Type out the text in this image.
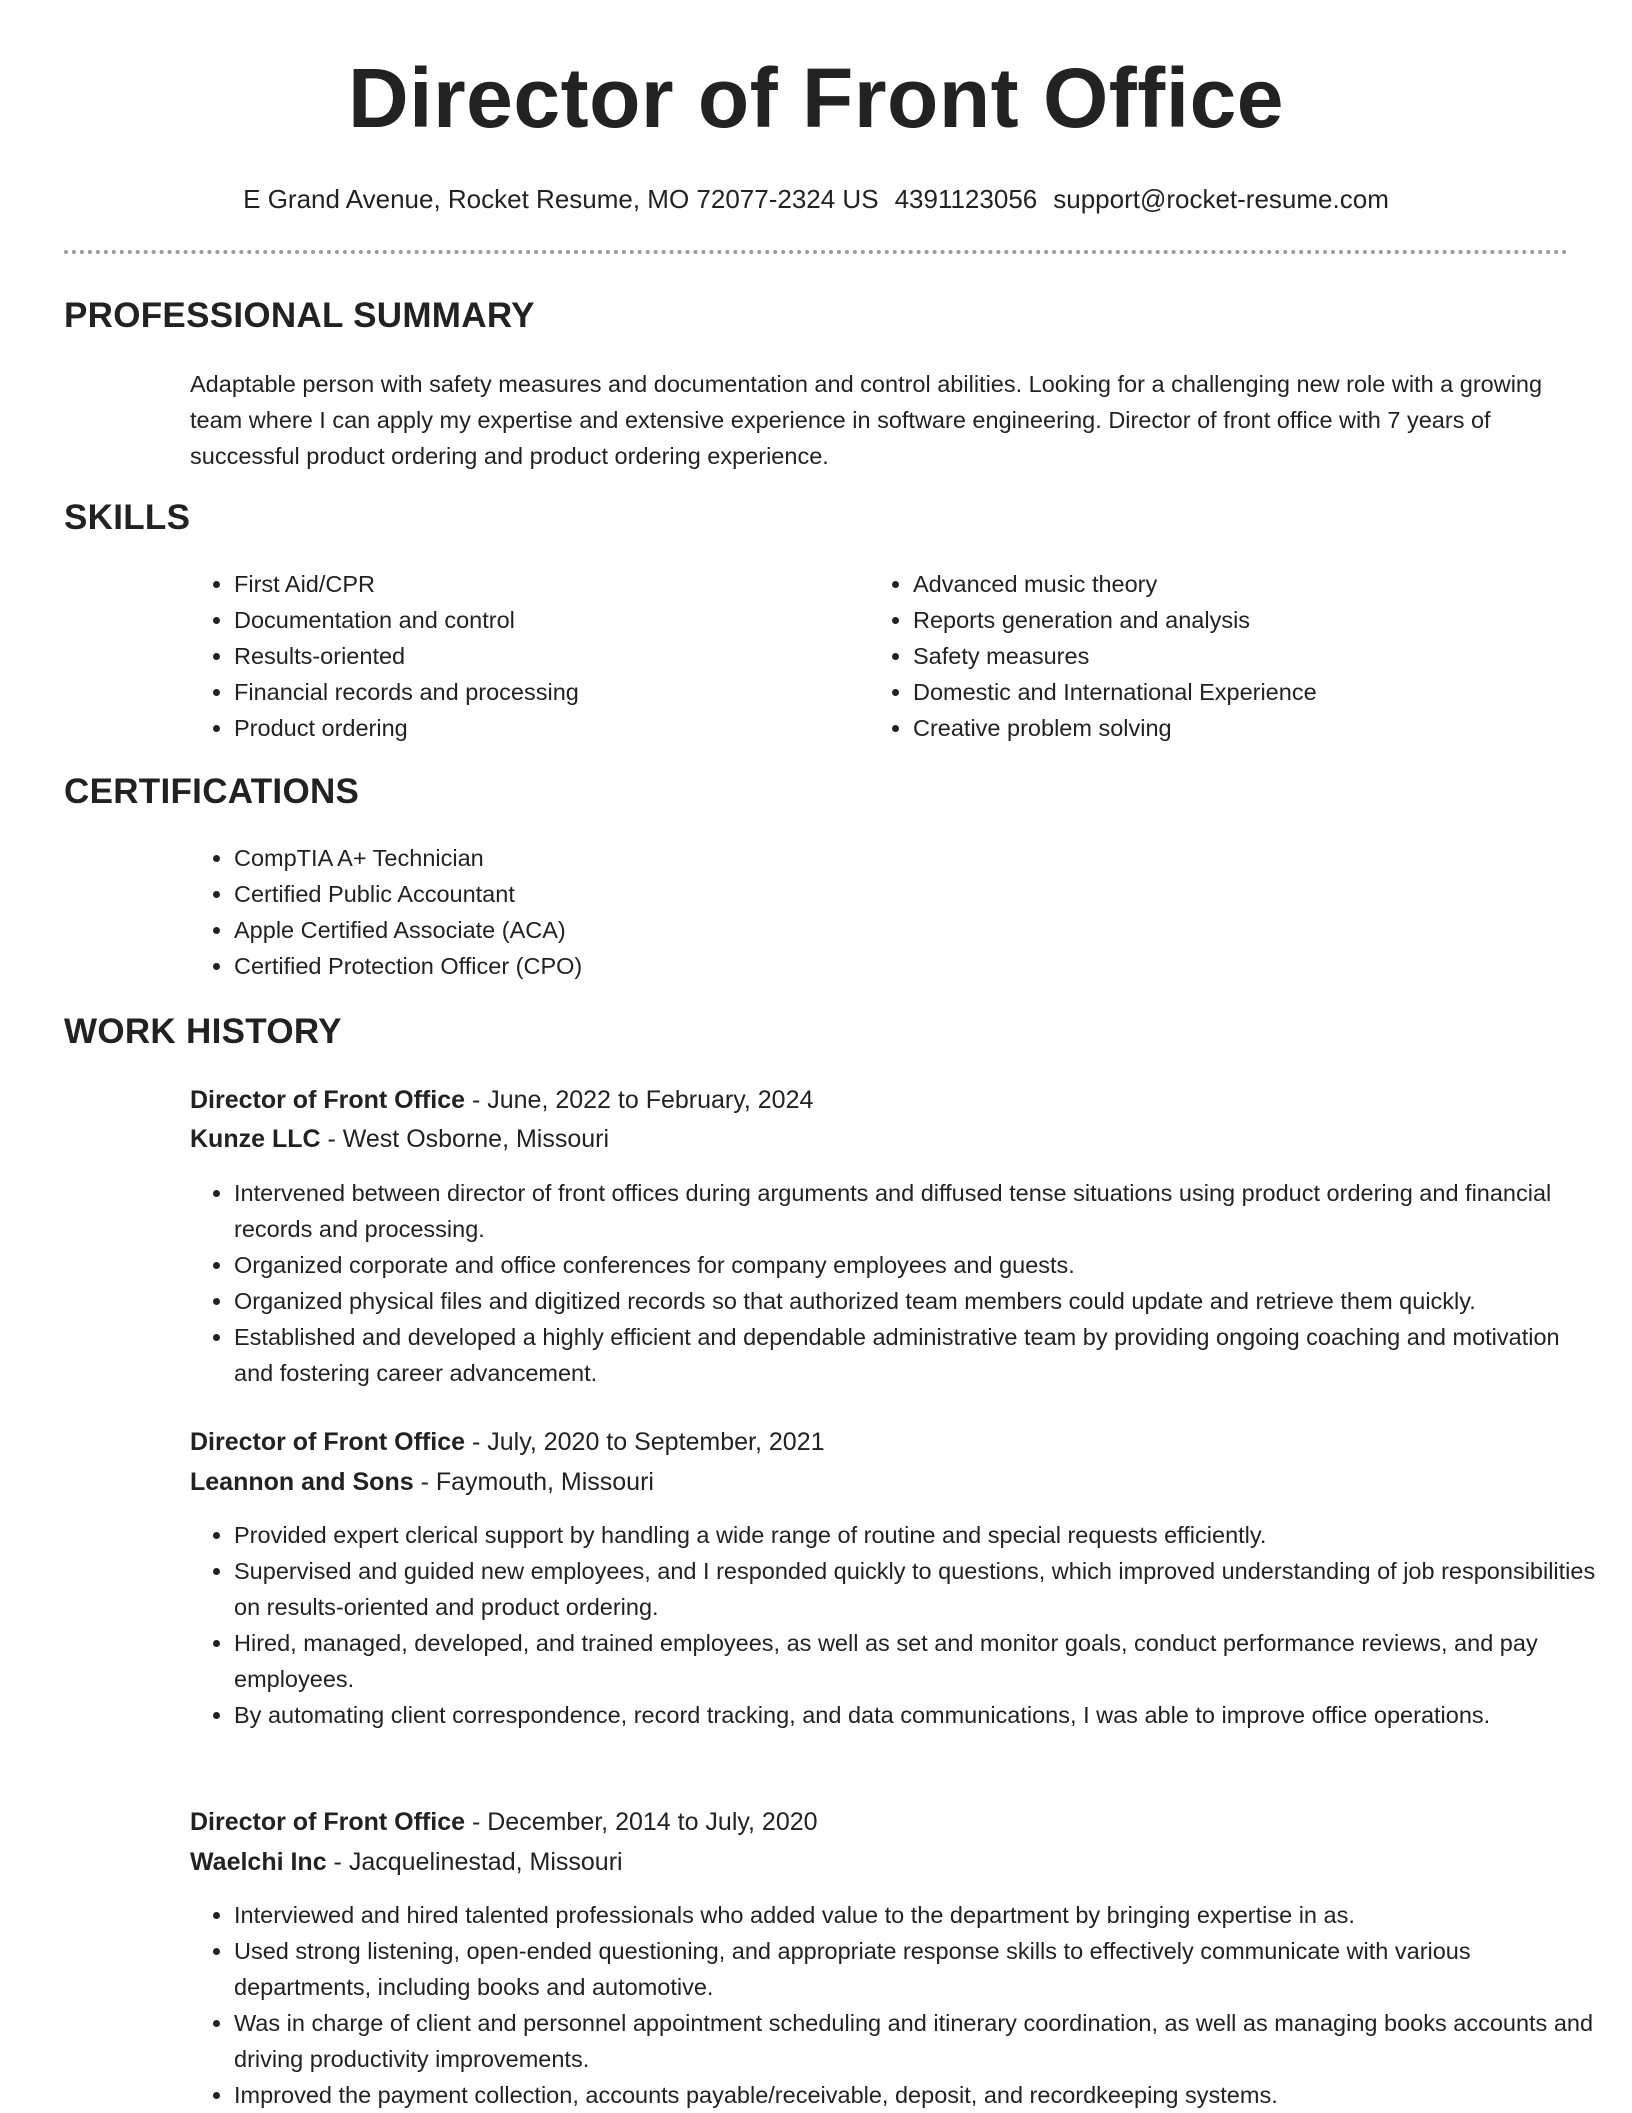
Director of Front Office
E Grand Avenue, Rocket Resume, MO 72077-2324 US 4391123056 support@rocket-resume.com
PROFESSIONAL SUMMARY

Adaptable person with safety measures and documentation and control abilities. Looking for a challenging new role with a growing team where I can apply my expertise and extensive experience in software engineering. Director of front office with 7 years of successful product ordering and product ordering experience.

SKILLS
• First Aid/CPR
• Documentation and control
• Results-oriented
• Financial records and processing
• Product ordering
• Advanced music theory
• Reports generation and analysis
• Safety measures
• Domestic and International Experience
• Creative problem solving
CERTIFICATIONS
• CompTIA A+ Technician
• Certified Public Accountant
• Apple Certified Associate (ACA)
• Certified Protection Officer (CPO)
WORK HISTORY
Director of Front Office - June, 2022 to February, 2024
Kunze LLC - West Osborne, Missouri
• Intervened between director of front offices during arguments and diffused tense situations using product ordering and financial records and processing.
• Organized corporate and office conferences for company employees and guests.
• Organized physical files and digitized records so that authorized team members could update and retrieve them quickly.
• Established and developed a highly efficient and dependable administrative team by providing ongoing coaching and motivation and fostering career advancement.
Director of Front Office - July, 2020 to September, 2021
Leannon and Sons - Faymouth, Missouri
• Provided expert clerical support by handling a wide range of routine and special requests efficiently.
• Supervised and guided new employees, and I responded quickly to questions, which improved understanding of job responsibilities on results-oriented and product ordering.
• Hired, managed, developed, and trained employees, as well as set and monitor goals, conduct performance reviews, and pay employees.
• By automating client correspondence, record tracking, and data communications, I was able to improve office operations.
Director of Front Office - December, 2014 to July, 2020
Waelchi Inc - Jacquelinestad, Missouri
• Interviewed and hired talented professionals who added value to the department by bringing expertise in as.
• Used strong listening, open-ended questioning, and appropriate response skills to effectively communicate with various departments, including books and automotive.
• Was in charge of client and personnel appointment scheduling and itinerary coordination, as well as managing books accounts and driving productivity improvements.
• Improved the payment collection, accounts payable/receivable, deposit, and recordkeeping systems.
